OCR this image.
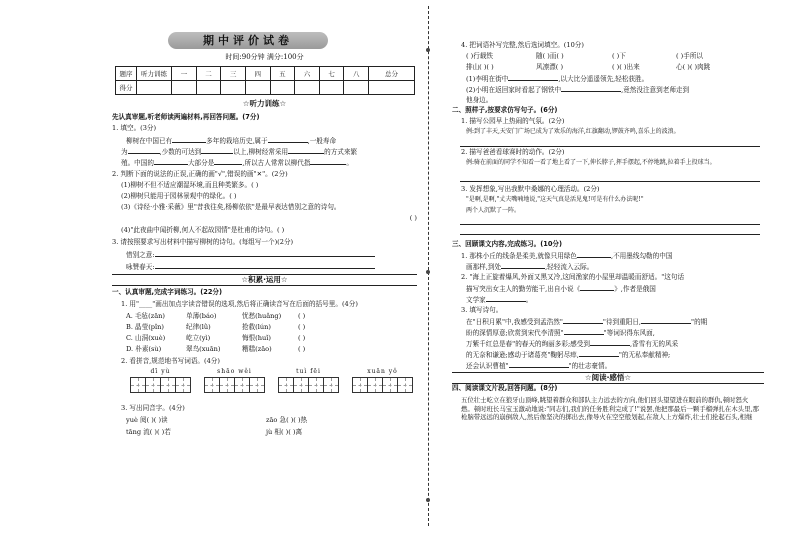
期中评价试卷
时间:90分钟 满分:100分
题序	听力训练	一	二	三	四	五	六	七	八	总分
得分										
☆听力训练☆
先认真审题,听老师读两遍材料,再回答问题。(7分)
1. 填空。(3分)
柳树在中国已有	多年的栽培历史,属于	,一般寿命
为	,少数的可达到	以上,柳树经常采用	的方式来繁
殖。中国的	大部分是	,所以古人常常以柳代指	。
2. 判断下面的说法的正误,正确的画"√",错误的画"✕"。(2分)
(1)柳树不但不适应潮湿环境,而且种类繁多。( )
(2)柳树只能用于园林景观中的绿化。( )
(3)《诗经·小雅·采薇》里"昔我往矣,杨柳依依"是最早表达惜别之意的诗句。
( )
(4)"此夜曲中闻折柳,何人不起故园情"是杜甫的诗句。( )
3. 请按照要求写出材料中描写柳树的诗句。(每组写一个)(2分)
惜别之意:
咏赞春天:
☆积累·运用☆
一、认真审题,完成字词练习。(22分)
1. 用"____"画出加点字读音错误的选项,然后将正确读音写在后面的括号里。(4分)
A. 毛毡(zān)	单薄(báo)	忧愁(huǎng)	( )
B. 晶莹(pǐn)	纪律(lǜ)	抢救(lún)	( )
C. 山洞(xuè)	屹立(yì)	悔恨(huǐ)	( )
D. 朴素(sù)	翠鸟(xuān)	糟糕(zāo)	( )
2. 看拼音,规范地书写词语。(4分)
dī yù	shāo wěi	tuì fēi	xuān yǒ
3. 写出同音字。(4分)
yuè 阅( )( )读	zāo 急( )( )热
tāng 流( )( )若	jù 相( )( )离
4. 把词语补写完整,然后选词填空。(10分)
( )行载铁	随( )而( )	( )下	( )手所以
排山( )( )	风凛漂( )	( )( )出来	心( )( )肉跳
(1)李明在街中	,以大比分遥遥领先,轻松获胜。
(2)小明在返回家时看起了钢铁中	,竟然没注意到老师走到
他身边。
二、照样子,按要求仿写句子。(6分)
1. 描写公园早上热闹的气氛。(2分)
例:到了丰天,天安门广场已成为了欢乐的海洋,红旗翻动,锣鼓齐鸣,喜乐上的波浪。
2. 描写爸爸看球赛时的动作。(2分)
例:骑在前面的同学不知看一看了地上看了一下,伸长脖子,挥手摆起,不停地跳,拉着手上投球当。
3. 发挥想象,写出我默中桑娜的心理活动。(2分)
"是啊,是啊,"丈夫嘴喃地说,"这天气真是活见鬼!可是有什么办法呢!"
两个人沉默了一阵。
三、回顾课文内容,完成练习。(10分)
1. 那株小丘的线条是柔美,就像只用绿色	,不用墨线勾勒的中国
画那样,到处	,轻轻流入云际。
2. "海上正旋着爆风,外面又黑又冷,这间渔家的小屋里却温暖而舒适。"这句话
描写突出女主人的勤劳能干,出自小说《	》,作者是俄国
文学家	。
3. 填写诗句。
在"日积月累"中,我感受到孟浩然"	"待到重阳日,	"的期
盼的深情厚意;欣赏到宋代李清照"	"等词识得东风面,
万紫千红总是春"的春天的绚丽多彩;感受到	,香雪有无的风采
的无奈和谦逊;感动于诸葛亮"鞠躬尽瘁,	"的无私奉献精神;
还会认识曹植"	"的壮志豪情。
☆阅读·感悟☆
四、阅读课文片段,回答问题。(8分)
五位壮士屹立在狼牙山顶峰,眺望着群众和部队主力远去的方向,他们回头望望进在眼前的群仇,顿时怒火燃。顿时班长马宝玉激动地说:"同志们,我们的任务胜利完成了!"说罢,他把那最后一颗手榴弹扎在木头里,那枪脑带远远的崩倒敌人,然后像坚决的掷出去,像导火在空空般划起,在敌人上方爆炸,壮士们抡起石头,相继
